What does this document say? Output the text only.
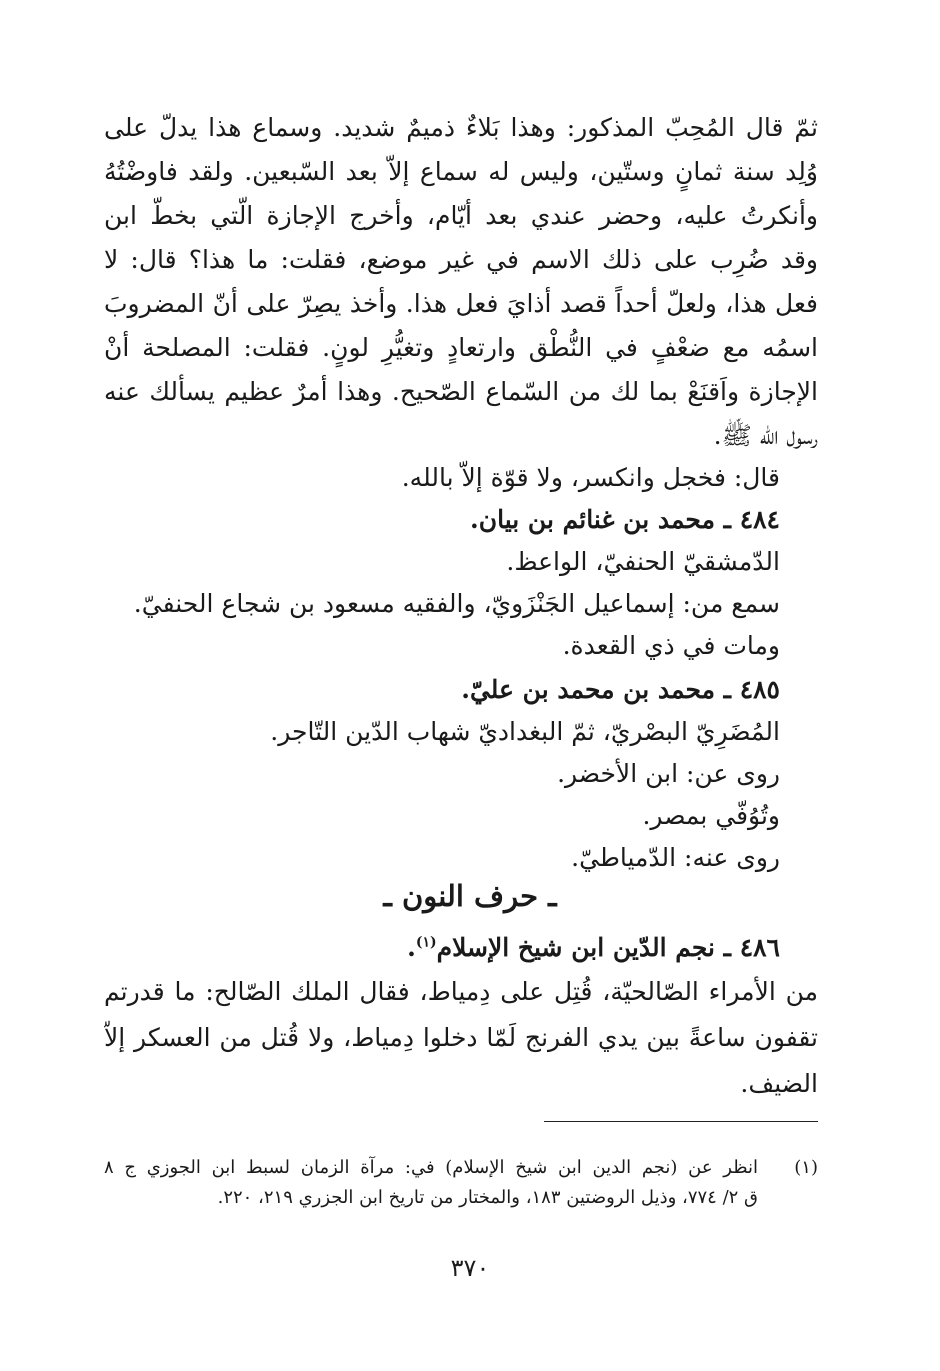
ثمّ قال المُحِبّ المذكور: وهذا بَلاءٌ ذميمٌ شديد. وسماع هذا يدلّ على
وُلِد سنة ثمانٍ وستّين، وليس له سماع إلاّ بعد السّبعين. ولقد فاوضْتُهُ
وأنكرتُ عليه، وحضر عندي بعد أيّام، وأخرج الإجازة الّتي بخطّ ابن
وقد ضُرِب على ذلك الاسم في غير موضع، فقلت: ما هذا؟ قال: لا
فعل هذا، ولعلّ أحداً قصد أذايَ فعل هذا. وأخذ يصِرّ على أنّ المضروبَ
اسمُه مع ضعْفٍ في النُّطْق وارتعادٍ وتغيُّرِ لونٍ. فقلت: المصلحة أنْ
الإجازة واَقنَعْ بما لك من السّماع الصّحيح. وهذا أمرٌ عظيم يسألك عنه
رسول الله ﷺ.
قال: فخجل وانكسر، ولا قوّة إلاّ بالله.
٤٨٤ ـ محمد بن غنائم بن بيان.
الدّمشقيّ الحنفيّ، الواعظ.
سمع من: إسماعيل الجَنْزَويّ، والفقيه مسعود بن شجاع الحنفيّ.
ومات في ذي القعدة.
٤٨٥ ـ محمد بن محمد بن عليّ.
المُضَرِيّ البصْريّ، ثمّ البغداديّ شهاب الدّين التّاجر.
روى عن: ابن الأخضر.
وتُوُفّي بمصر.
روى عنه: الدّمياطيّ.
ـ حرف النون ـ
٤٨٦ ـ نجم الدّين ابن شيخ الإسلام$^{(١)}$.
من الأمراء الصّالحيّة، قُتِل على دِمياط، فقال الملك الصّالح: ما قدرتم
تقفون ساعةً بين يدي الفرنج لَمّا دخلوا دِمياط، ولا قُتل من العسكر إلاّ
الضيف.
(١)
انظر عن (نجم الدين ابن شيخ الإسلام) في: مرآة الزمان لسبط ابن الجوزي ج ٨
ق ٢/ ٧٧٤، وذيل الروضتين ١٨٣، والمختار من تاريخ ابن الجزري ٢١٩، ٢٢٠.
٣٧٠
